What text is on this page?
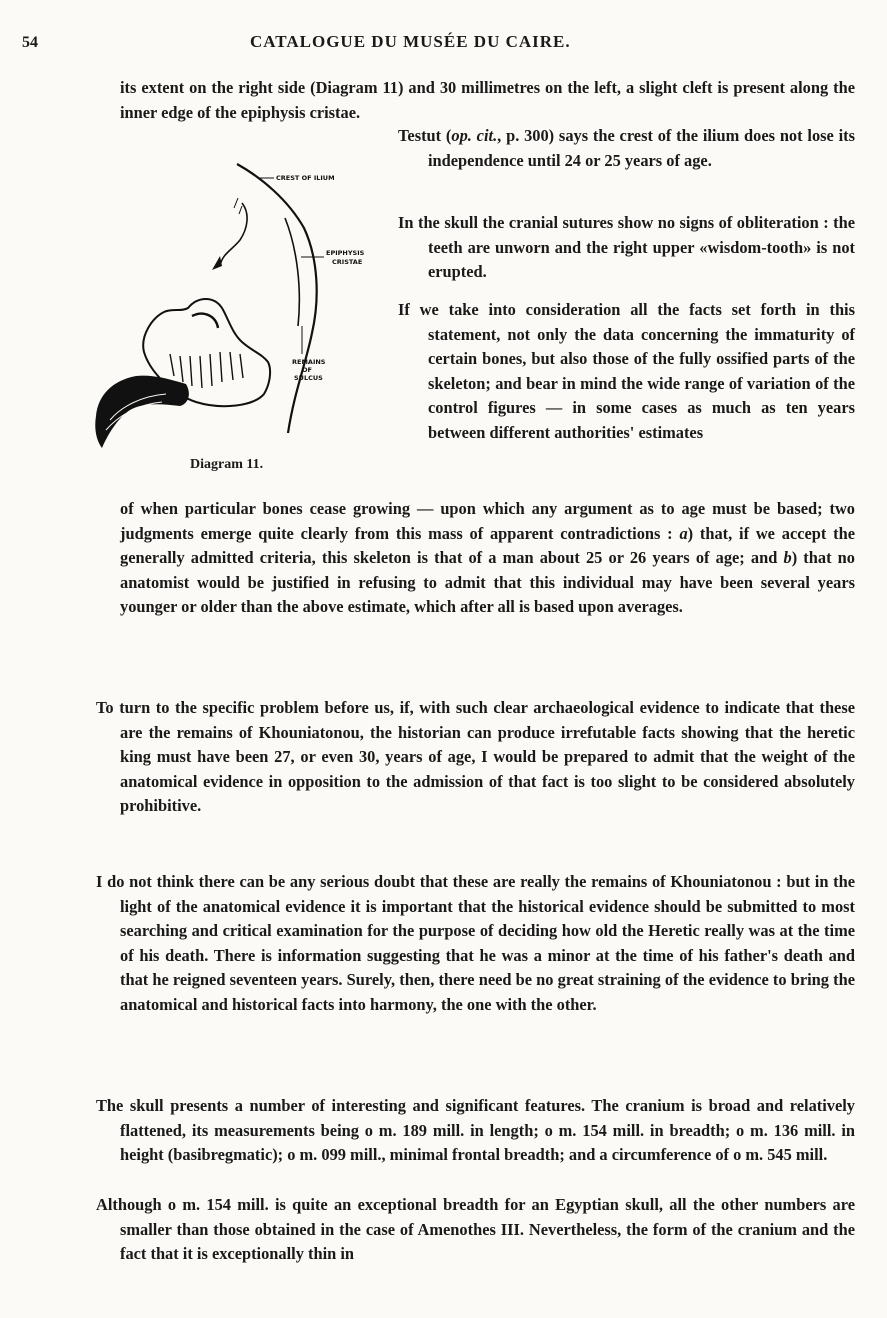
54	CATALOGUE DU MUSÉE DU CAIRE.

its extent on the right side (Diagram 11) and 30 millimetres on the left, a slight cleft is present along the inner edge of the epiphysis cristae.

CREST OF ILIUM
EPIPHYSIS
CRISTAE
REMAINS
OF
SULCUS
Diagram 11.

Testut (op. cit., p. 300) says the crest of the ilium does not lose its independence until 24 or 25 years of age.

In the skull the cranial sutures show no signs of obliteration : the teeth are unworn and the right upper «wisdom-tooth» is not erupted.

If we take into consideration all the facts set forth in this statement, not only the data concerning the immaturity of certain bones, but also those of the fully ossified parts of the skeleton; and bear in mind the wide range of variation of the control figures — in some cases as much as ten years between different authorities' estimates

of when particular bones cease growing — upon which any argument as to age must be based; two judgments emerge quite clearly from this mass of apparent contradictions : a) that, if we accept the generally admitted criteria, this skeleton is that of a man about 25 or 26 years of age; and b) that no anatomist would be justified in refusing to admit that this individual may have been several years younger or older than the above estimate, which after all is based upon averages.

To turn to the specific problem before us, if, with such clear archaeological evidence to indicate that these are the remains of Khouniatonou, the historian can produce irrefutable facts showing that the heretic king must have been 27, or even 30, years of age, I would be prepared to admit that the weight of the anatomical evidence in opposition to the admission of that fact is too slight to be considered absolutely prohibitive.

I do not think there can be any serious doubt that these are really the remains of Khouniatonou : but in the light of the anatomical evidence it is important that the historical evidence should be submitted to most searching and critical examination for the purpose of deciding how old the Heretic really was at the time of his death. There is information suggesting that he was a minor at the time of his father's death and that he reigned seventeen years. Surely, then, there need be no great straining of the evidence to bring the anatomical and historical facts into harmony, the one with the other.

The skull presents a number of interesting and significant features. The cranium is broad and relatively flattened, its measurements being o m. 189 mill. in length; o m. 154 mill. in breadth; o m. 136 mill. in height (basibregmatic); o m. 099 mill., minimal frontal breadth; and a circumference of o m. 545 mill.

Although o m. 154 mill. is quite an exceptional breadth for an Egyptian skull, all the other numbers are smaller than those obtained in the case of Amenothes III. Nevertheless, the form of the cranium and the fact that it is exceptionally thin in
